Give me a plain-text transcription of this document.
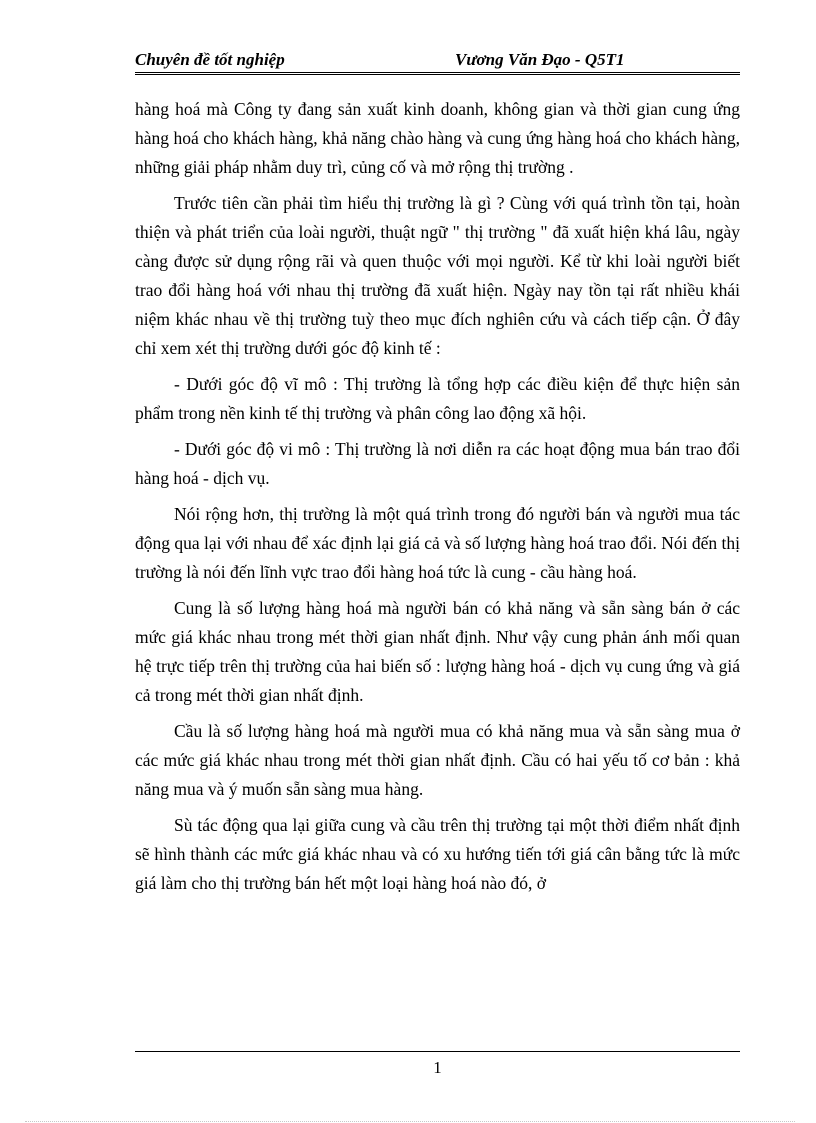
Chuyên đề tốt nghiệp	Vương Văn Đạo - Q5T1

hàng hoá mà Công ty đang sản xuất kinh doanh, không gian và thời gian cung ứng hàng hoá cho khách hàng, khả năng chào hàng và cung ứng hàng hoá cho khách hàng, những giải pháp nhằm duy trì, củng cố và mở rộng thị trường .

Trước tiên cần phải tìm hiểu thị trường là gì ? Cùng với quá trình tồn tại, hoàn thiện và phát triển của loài người, thuật ngữ " thị trường " đã xuất hiện khá lâu, ngày càng được sử dụng rộng rãi và quen thuộc với mọi người. Kể từ khi loài người biết trao đổi hàng hoá với nhau thị trường đã xuất hiện. Ngày nay tồn tại rất nhiều khái niệm khác nhau về thị trường tuỳ theo mục đích nghiên cứu và cách tiếp cận. Ở đây chỉ xem xét thị trường dưới góc độ kinh tế :

- Dưới góc độ vĩ mô : Thị trường là tổng hợp các điều kiện để thực hiện sản phẩm trong nền kinh tế thị trường và phân công lao động xã hội.

- Dưới góc độ vi mô : Thị trường là nơi diễn ra các hoạt động mua bán trao đổi hàng hoá - dịch vụ.

Nói rộng hơn, thị trường là một quá trình trong đó người bán và người mua tác động qua lại với nhau để xác định lại giá cả và số lượng hàng hoá trao đổi. Nói đến thị trường là nói đến lĩnh vực trao đổi hàng hoá tức là cung - cầu hàng hoá.

Cung là số lượng hàng hoá mà người bán có khả năng và sẵn sàng bán ở các mức giá khác nhau trong mét thời gian nhất định. Như vậy cung phản ánh mối quan hệ trực tiếp trên thị trường của hai biến số : lượng hàng hoá - dịch vụ cung ứng và giá cả trong mét thời gian nhất định.

Cầu là số lượng hàng hoá mà người mua có khả năng mua và sẵn sàng mua ở các mức giá khác nhau trong mét thời gian nhất định. Cầu có hai yếu tố cơ bản : khả năng mua và ý muốn sẵn sàng mua hàng.

Sù tác động qua lại giữa cung và cầu trên thị trường tại một thời điểm nhất định sẽ hình thành các mức giá khác nhau và có xu hướng tiến tới giá cân bằng tức là mức giá làm cho thị trường bán hết một loại hàng hoá nào đó, ở

1
